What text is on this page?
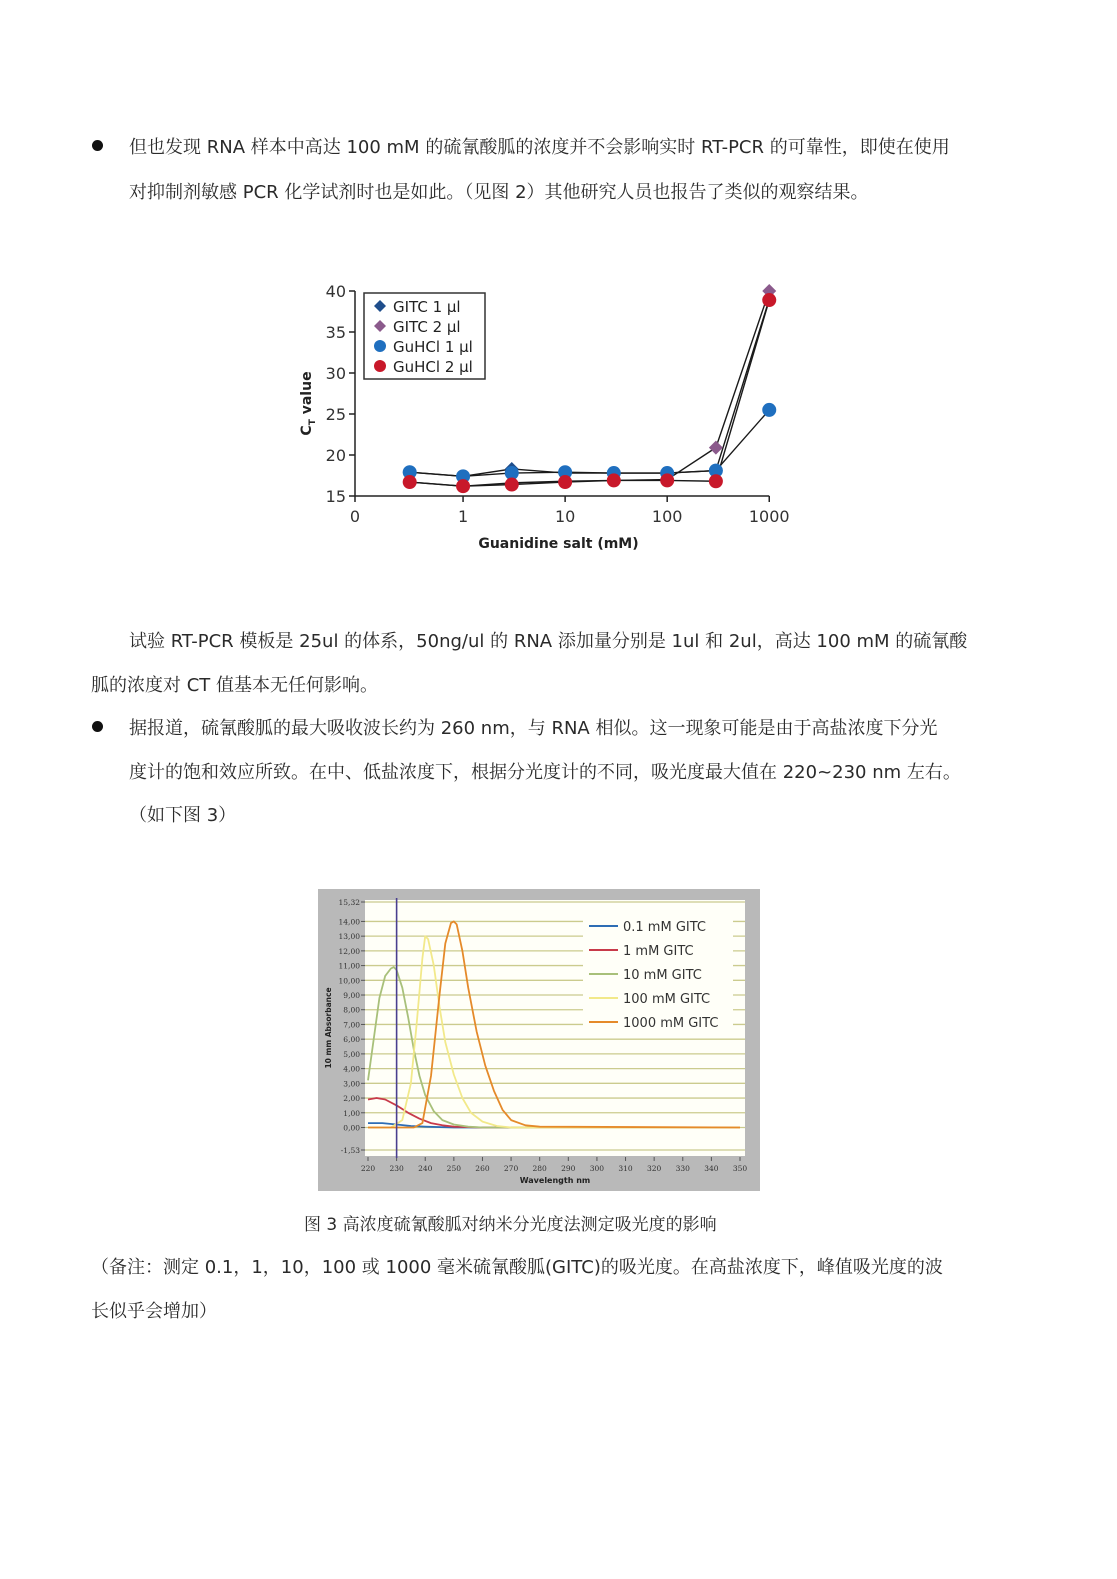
但也发现 RNA 样本中高达 100 mM 的硫氰酸胍的浓度并不会影响实时 RT-PCR 的可靠性，即使在使用
对抑制剂敏感 PCR 化学试剂时也是如此。（见图 2）其他研究人员也报告了类似的观察结果。
15
20
25
30
35
40
0	1	10	100	1000
Guanidine salt (mM)
$C_T$ value
GITC 1 µl
GITC 2 µl
GuHCl 1 µl
GuHCl 2 µl
试验 RT-PCR 模板是 25ul 的体系，50ng/ul 的 RNA 添加量分别是 1ul 和 2ul，高达 100 mM 的硫氰酸
胍的浓度对 CT 值基本无任何影响。
据报道，硫氰酸胍的最大吸收波长约为 260 nm，与 RNA 相似。这一现象可能是由于高盐浓度下分光
度计的饱和效应所致。在中、低盐浓度下，根据分光度计的不同，吸光度最大值在 220~230 nm 左右。
（如下图 3）
15,32
14,00
13,00
12,00
11,00
10,00
9,00
8,00
7,00
6,00
5,00
4,00
3,00
2,00
1,00
0,00
-1,53
220 230 240 250 260 270 280 290 300 310 320 330 340 350
Wavelength nm
10 mm Absorbance
0.1 mM GITC
1 mM GITC
10 mM GITC
100 mM GITC
1000 mM GITC
图 3 高浓度硫氰酸胍对纳米分光度法测定吸光度的影响
（备注：测定 0.1，1，10，100 或 1000 毫米硫氰酸胍(GITC)的吸光度。在高盐浓度下，峰值吸光度的波
长似乎会增加）
